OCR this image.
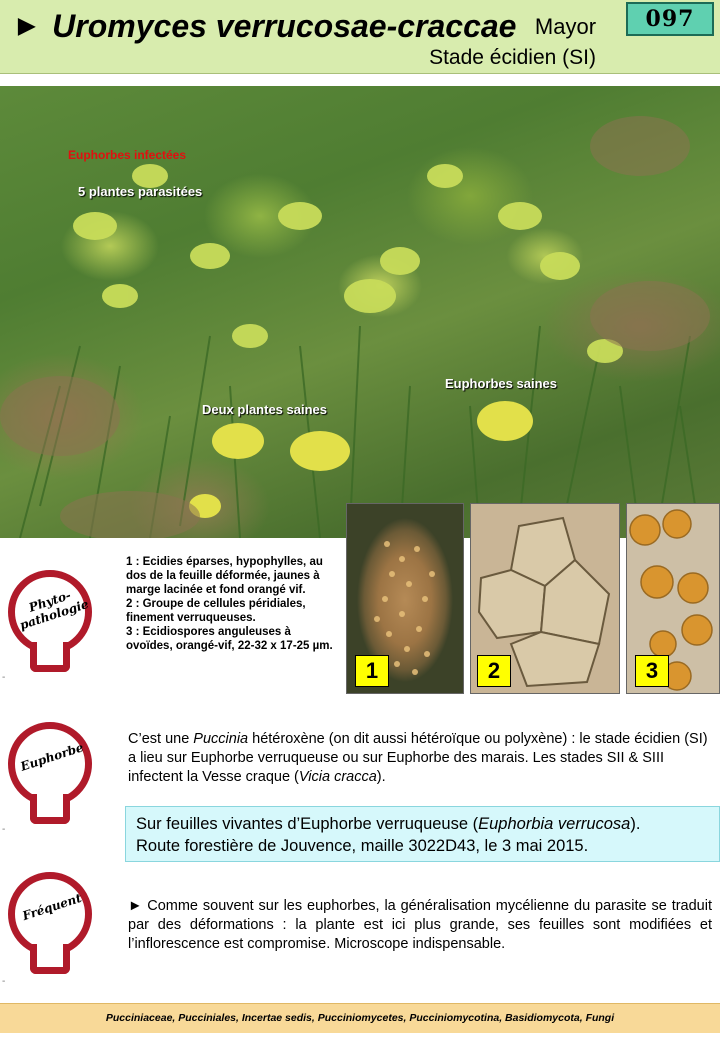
► Uromyces verrucosae-craccae Mayor
Stade écidien (SI)
097
Euphorbes infectées
5 plantes parasitées
Euphorbes saines
Deux plantes saines
1	2	3

1 : Ecidies éparses, hypophylles, au dos de la feuille déformée, jaunes à marge lacinée et fond orangé vif.

2 : Groupe de cellules péridiales, finement verruqueuses.

3 : Ecidiospores anguleuses à ovoïdes, orangé-vif, 22-32 x 17-25 µm.

Phyto-pathologie
-
Euphorbe
-
Fréquent
-
C’est une Puccinia hétéroxène (on dit aussi hétéroïque ou polyxène) : le stade écidien (SI) a lieu sur Euphorbe verruqueuse ou sur Euphorbe des marais. Les stades SII & SIII infectent la Vesse craque (Vicia cracca).
Sur feuilles vivantes d’Euphorbe verruqueuse (Euphorbia verrucosa).
Route forestière de Jouvence, maille 3022D43, le 3 mai 2015.
► Comme souvent sur les euphorbes, la généralisation mycélienne du parasite se traduit par des déformations : la plante est ici plus grande, ses feuilles sont modifiées et l’inflorescence est compromise. Microscope indispensable.
Pucciniaceae, Pucciniales, Incertae sedis, Pucciniomycetes, Pucciniomycotina, Basidiomycota, Fungi
